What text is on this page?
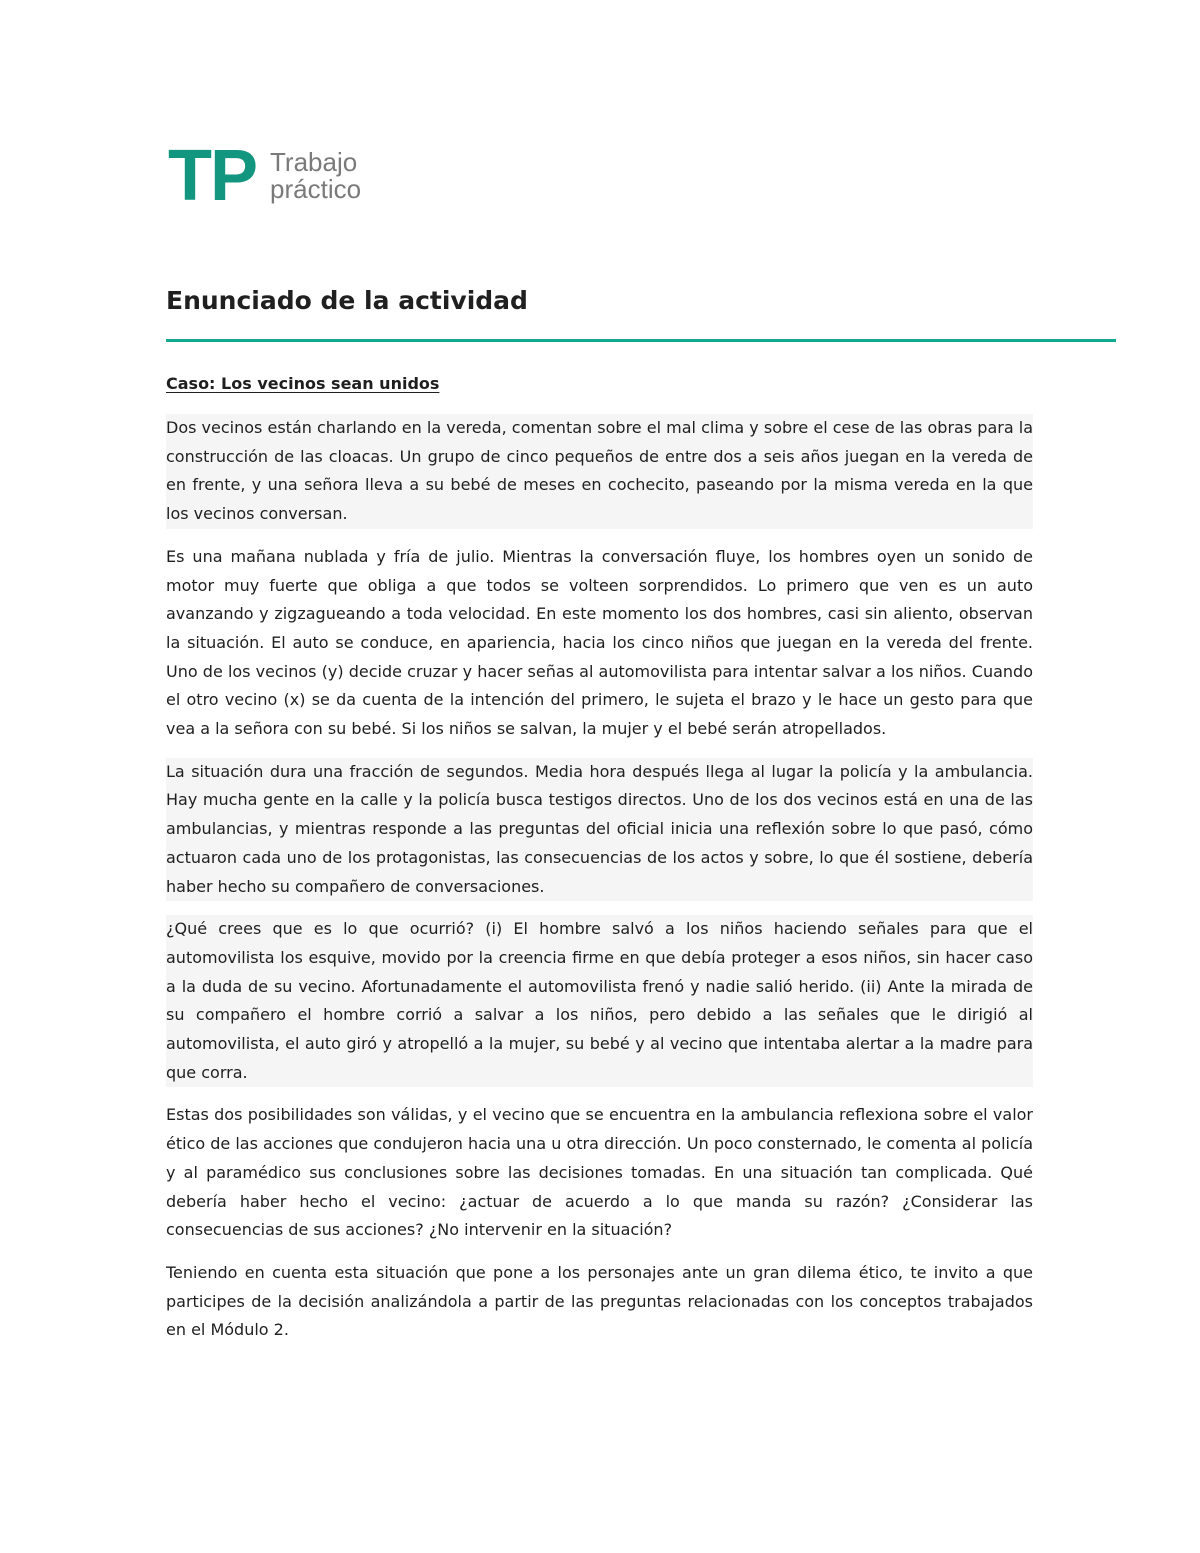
TP Trabajo
práctico
Enunciado de la actividad

Caso: Los vecinos sean unidos

Dos vecinos están charlando en la vereda, comentan sobre el mal clima y sobre el cese de las obras para la construcción de las cloacas. Un grupo de cinco pequeños de entre dos a seis años juegan en la vereda de en frente, y una señora lleva a su bebé de meses en cochecito, paseando por la misma vereda en la que los vecinos conversan.

Es una mañana nublada y fría de julio. Mientras la conversación fluye, los hombres oyen un sonido de motor muy fuerte que obliga a que todos se volteen sorprendidos. Lo primero que ven es un auto avanzando y zigzagueando a toda velocidad. En este momento los dos hombres, casi sin aliento, observan la situación. El auto se conduce, en apariencia, hacia los cinco niños que juegan en la vereda del frente. Uno de los vecinos (y) decide cruzar y hacer señas al automovilista para intentar salvar a los niños. Cuando el otro vecino (x) se da cuenta de la intención del primero, le sujeta el brazo y le hace un gesto para que vea a la señora con su bebé. Si los niños se salvan, la mujer y el bebé serán atropellados.

La situación dura una fracción de segundos. Media hora después llega al lugar la policía y la ambulancia. Hay mucha gente en la calle y la policía busca testigos directos. Uno de los dos vecinos está en una de las ambulancias, y mientras responde a las preguntas del oficial inicia una reflexión sobre lo que pasó, cómo actuaron cada uno de los protagonistas, las consecuencias de los actos y sobre, lo que él sostiene, debería haber hecho su compañero de conversaciones.

¿Qué crees que es lo que ocurrió? (i) El hombre salvó a los niños haciendo señales para que el automovilista los esquive, movido por la creencia firme en que debía proteger a esos niños, sin hacer caso a la duda de su vecino. Afortunadamente el automovilista frenó y nadie salió herido. (ii) Ante la mirada de su compañero el hombre corrió a salvar a los niños, pero debido a las señales que le dirigió al automovilista, el auto giró y atropelló a la mujer, su bebé y al vecino que intentaba alertar a la madre para que corra.

Estas dos posibilidades son válidas, y el vecino que se encuentra en la ambulancia reflexiona sobre el valor ético de las acciones que condujeron hacia una u otra dirección. Un poco consternado, le comenta al policía y al paramédico sus conclusiones sobre las decisiones tomadas. En una situación tan complicada. Qué debería haber hecho el vecino: ¿actuar de acuerdo a lo que manda su razón? ¿Considerar las consecuencias de sus acciones? ¿No intervenir en la situación?

Teniendo en cuenta esta situación que pone a los personajes ante un gran dilema ético, te invito a que participes de la decisión analizándola a partir de las preguntas relacionadas con los conceptos trabajados en el Módulo 2.
